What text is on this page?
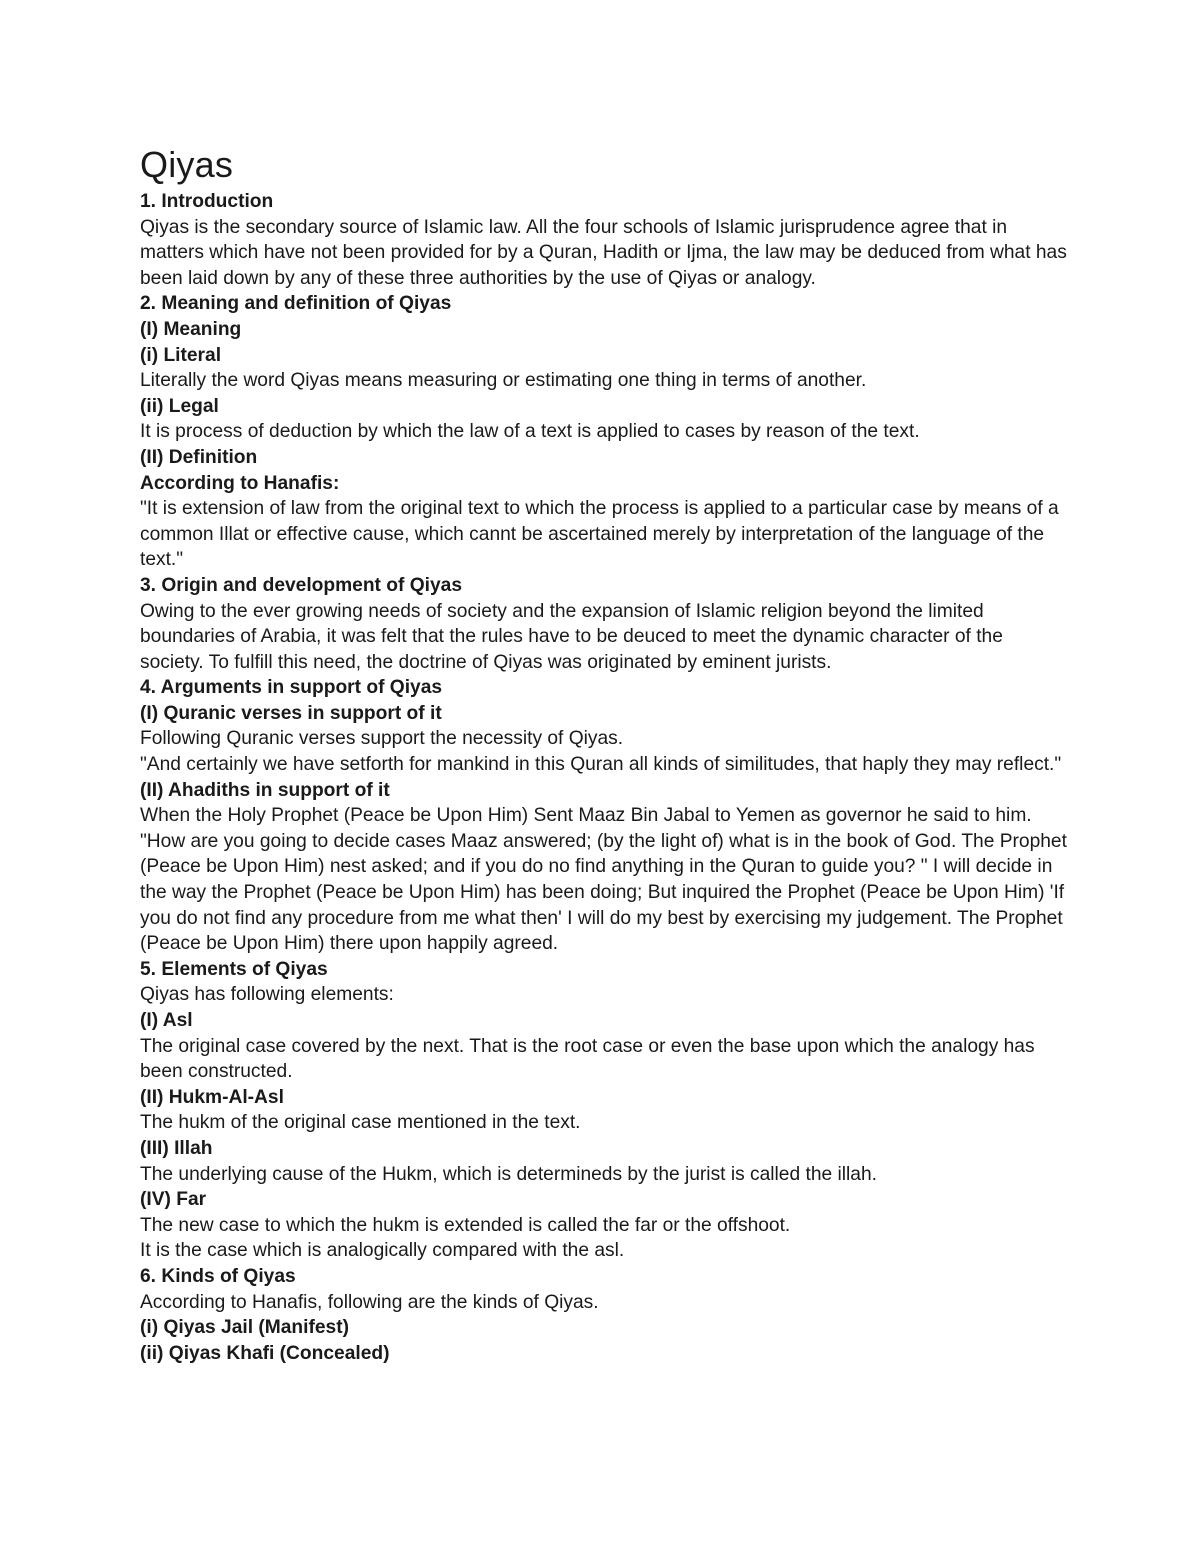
Qiyas

1. Introduction

Qiyas is the secondary source of Islamic law. All the four schools of Islamic jurisprudence agree that in matters which have not been provided for by a Quran, Hadith or Ijma, the law may be deduced from what has been laid down by any of these three authorities by the use of Qiyas or analogy.

2. Meaning and definition of Qiyas

(I) Meaning

(i) Literal

Literally the word Qiyas means measuring or estimating one thing in terms of another.

(ii) Legal

It is process of deduction by which the law of a text is applied to cases by reason of the text.

(II) Definition

According to Hanafis:

"It is extension of law from the original text to which the process is applied to a particular case by means of a common Illat or effective cause, which cannt be ascertained merely by interpretation of the language of the text."

3. Origin and development of Qiyas

Owing to the ever growing needs of society and the expansion of Islamic religion beyond the limited boundaries of Arabia, it was felt that the rules have to be deuced to meet the dynamic character of the society. To fulfill this need, the doctrine of Qiyas was originated by eminent jurists.

4. Arguments in support of Qiyas

(I) Quranic verses in support of it

Following Quranic verses support the necessity of Qiyas.

"And certainly we have setforth for mankind in this Quran all kinds of similitudes, that haply they may reflect."

(II) Ahadiths in support of it

When the Holy Prophet (Peace be Upon Him) Sent Maaz Bin Jabal to Yemen as governor he said to him. "How are you going to decide cases Maaz answered; (by the light of) what is in the book of God. The Prophet (Peace be Upon Him) nest asked; and if you do no find anything in the Quran to guide you? " I will decide in the way the Prophet (Peace be Upon Him) has been doing; But inquired the Prophet (Peace be Upon Him) 'If you do not find any procedure from me what then' I will do my best by exercising my judgement. The Prophet (Peace be Upon Him) there upon happily agreed.

5. Elements of Qiyas

Qiyas has following elements:

(I) Asl

The original case covered by the next. That is the root case or even the base upon which the analogy has been constructed.

(II) Hukm-Al-Asl

The hukm of the original case mentioned in the text.

(III) Illah

The underlying cause of the Hukm, which is determineds by the jurist is called the illah.

(IV) Far

The new case to which the hukm is extended is called the far or the offshoot.

It is the case which is analogically compared with the asl.

6. Kinds of Qiyas

According to Hanafis, following are the kinds of Qiyas.

(i) Qiyas Jail (Manifest)

(ii) Qiyas Khafi (Concealed)
